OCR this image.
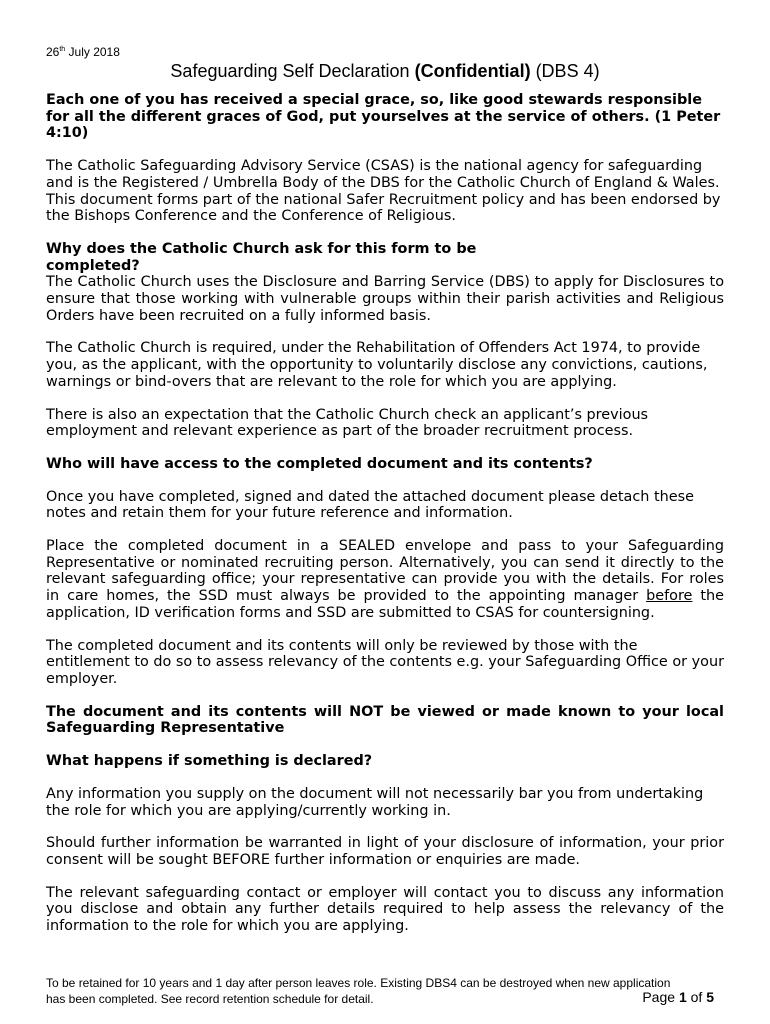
26th July 2018
Safeguarding Self Declaration (Confidential) (DBS 4)

Each one of you has received a special grace, so, like good stewards responsible for all the different graces of God, put yourselves at the service of others. (1 Peter 4:10)

The Catholic Safeguarding Advisory Service (CSAS) is the national agency for safeguarding and is the Registered / Umbrella Body of the DBS for the Catholic Church of England & Wales. This document forms part of the national Safer Recruitment policy and has been endorsed by the Bishops Conference and the Conference of Religious.

Why does the Catholic Church ask for this form to be completed?

The Catholic Church uses the Disclosure and Barring Service (DBS) to apply for Disclosures to ensure that those working with vulnerable groups within their parish activities and Religious Orders have been recruited on a fully informed basis.

The Catholic Church is required, under the Rehabilitation of Offenders Act 1974, to provide you, as the applicant, with the opportunity to voluntarily disclose any convictions, cautions, warnings or bind-overs that are relevant to the role for which you are applying.

There is also an expectation that the Catholic Church check an applicant’s previous employment and relevant experience as part of the broader recruitment process.

Who will have access to the completed document and its contents?

Once you have completed, signed and dated the attached document please detach these notes and retain them for your future reference and information.

Place the completed document in a SEALED envelope and pass to your Safeguarding Representative or nominated recruiting person. Alternatively, you can send it directly to the relevant safeguarding office; your representative can provide you with the details. For roles in care homes, the SSD must always be provided to the appointing manager before the application, ID verification forms and SSD are submitted to CSAS for countersigning.

The completed document and its contents will only be reviewed by those with the entitlement to do so to assess relevancy of the contents e.g. your Safeguarding Office or your employer.

The document and its contents will NOT be viewed or made known to your local Safeguarding Representative

What happens if something is declared?

Any information you supply on the document will not necessarily bar you from undertaking the role for which you are applying/currently working in.

Should further information be warranted in light of your disclosure of information, your prior consent will be sought BEFORE further information or enquiries are made.

The relevant safeguarding contact or employer will contact you to discuss any information you disclose and obtain any further details required to help assess the relevancy of the information to the role for which you are applying.

To be retained for 10 years and 1 day after person leaves role. Existing DBS4 can be destroyed when new application
has been completed. See record retention schedule for detail.	Page 1 of 5
